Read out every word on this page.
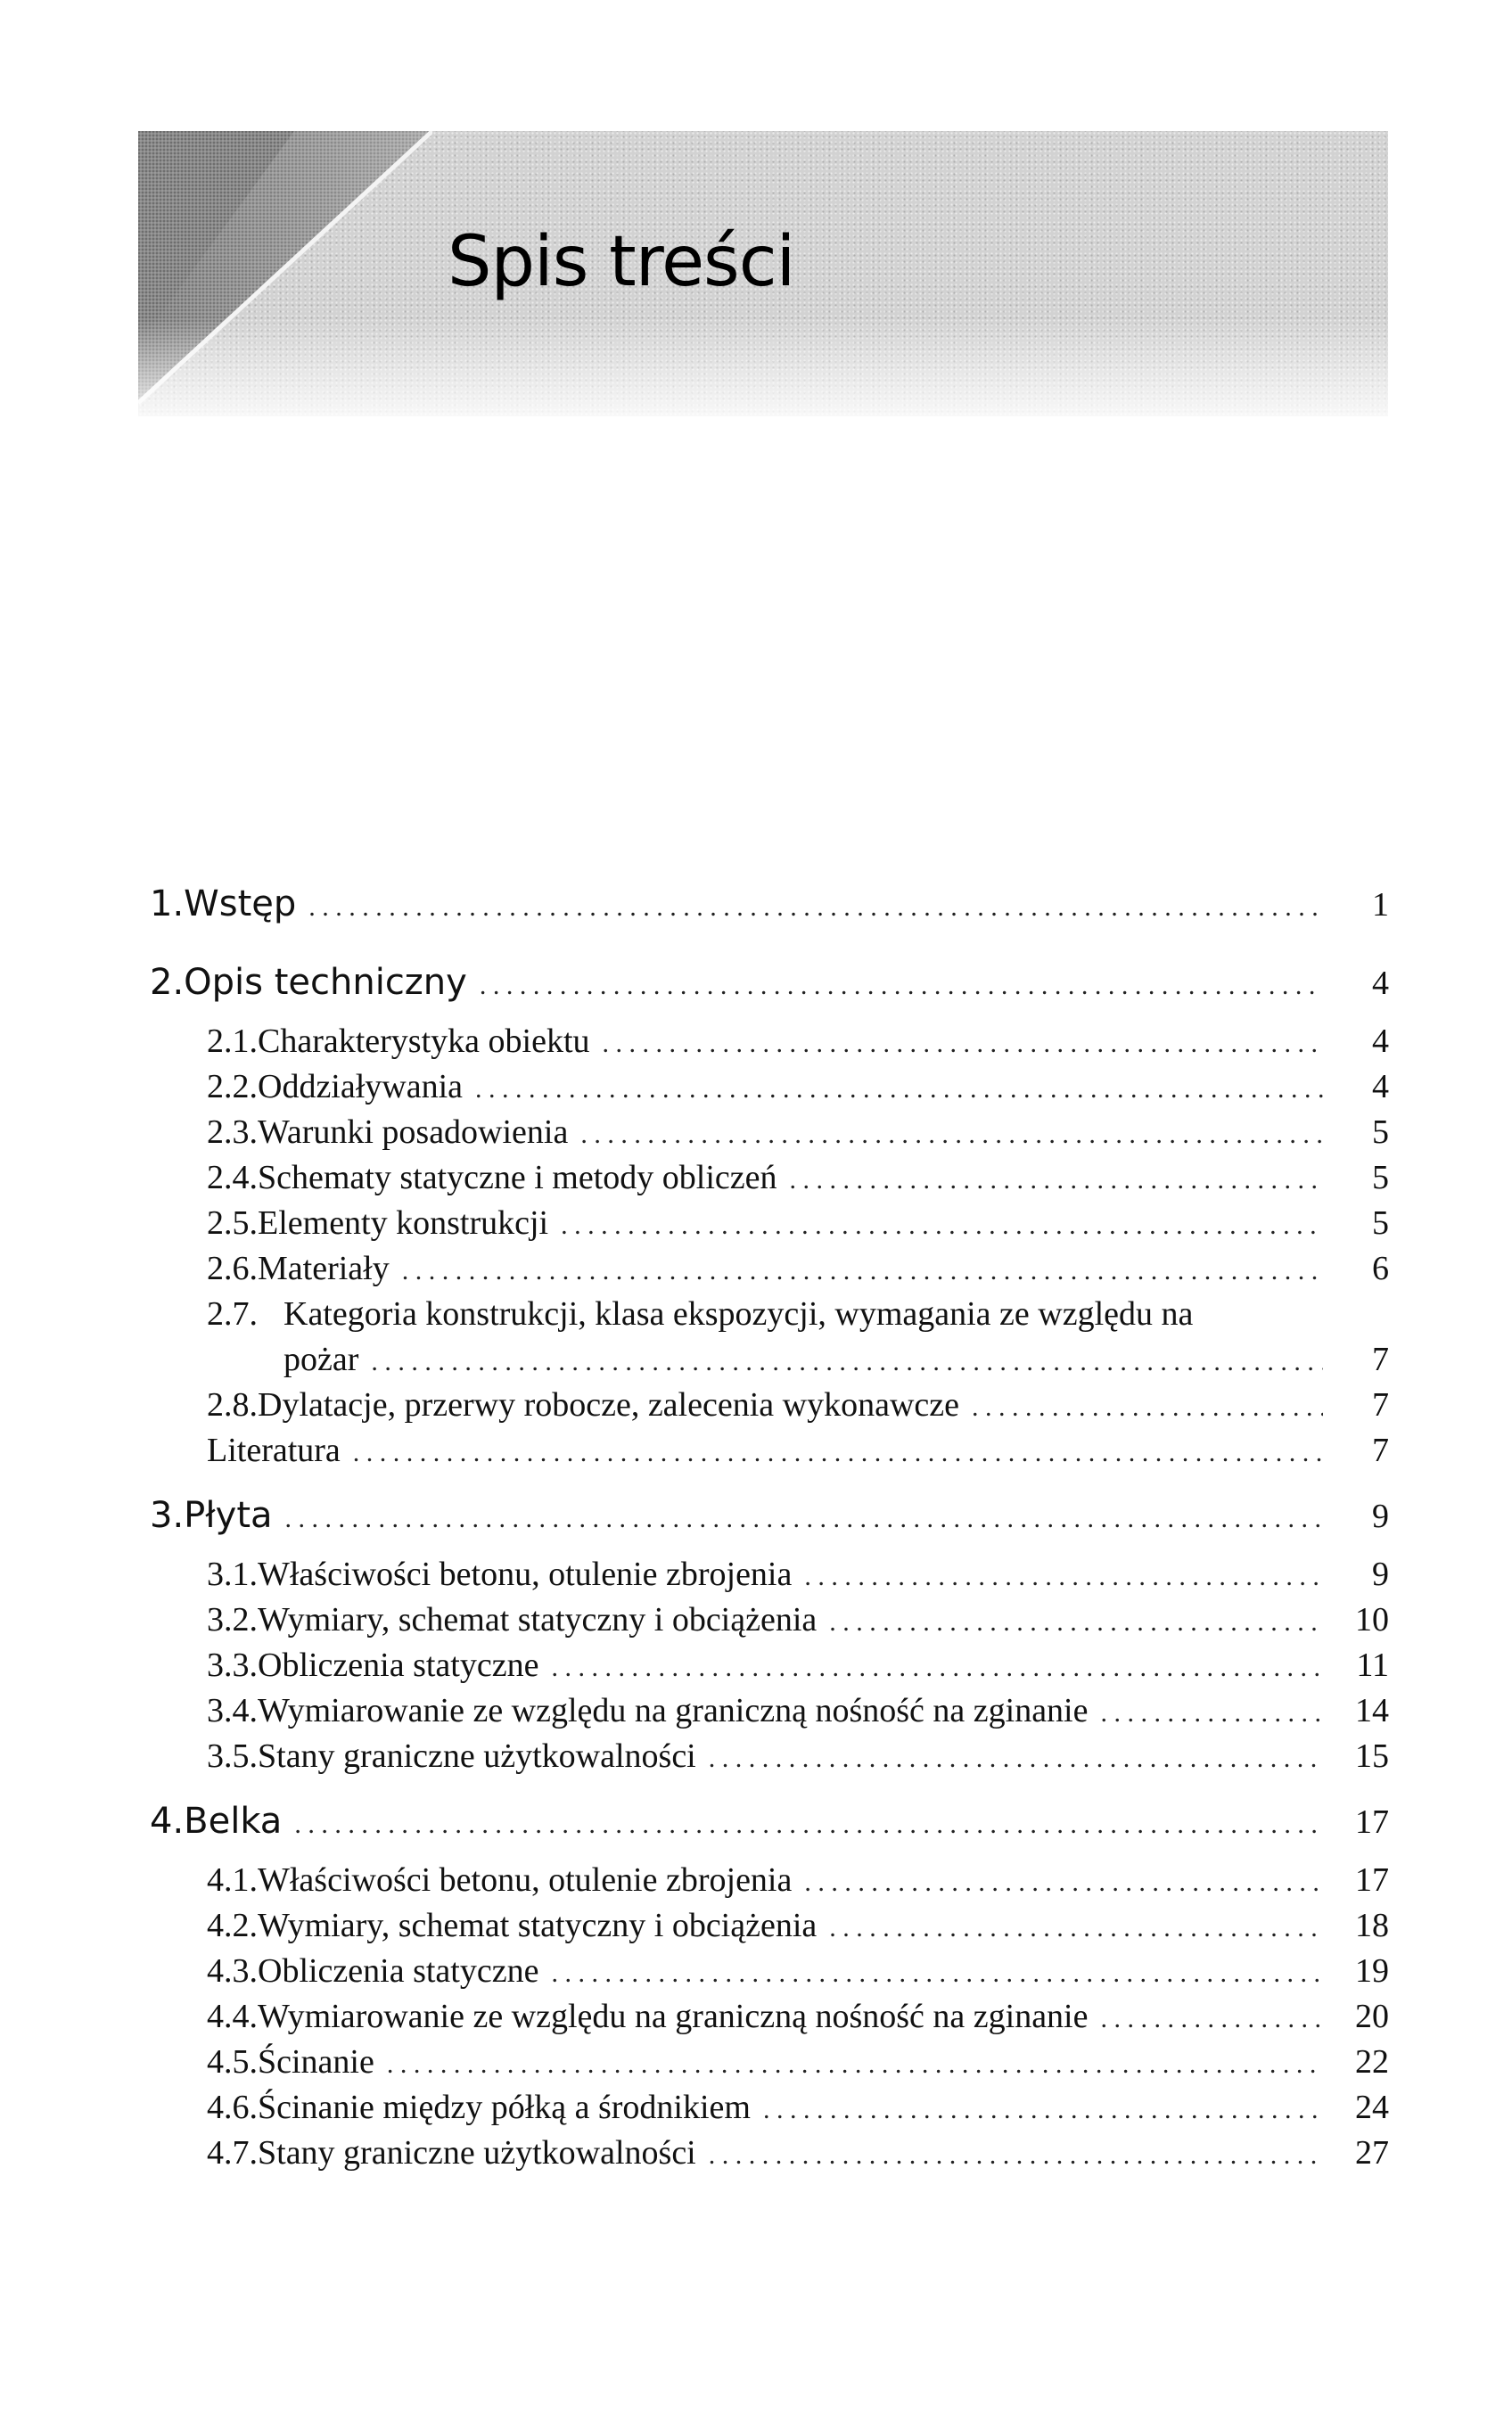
Spis treści
1. Wstęp . . .	1
2. Opis techniczny . . .	4
2.1. Charakterystyka obiektu . . .	4
2.2. Oddziaływania . . .	4
2.3. Warunki posadowienia . . .	5
2.4. Schematy statyczne i metody obliczeń . . .	5
2.5. Elementy konstrukcji . . .	5
2.6. Materiały . . .	6
2.7. Kategoria konstrukcji, klasa ekspozycji, wymagania ze względu na
pożar . . .	7
2.8. Dylatacje, przerwy robocze, zalecenia wykonawcze . . .	7
Literatura . . .	7
3. Płyta . . .	9
3.1. Właściwości betonu, otulenie zbrojenia . . .	9
3.2. Wymiary, schemat statyczny i obciążenia . . .	10
3.3. Obliczenia statyczne . . .	11
3.4. Wymiarowanie ze względu na graniczną nośność na zginanie . . .	14
3.5. Stany graniczne użytkowalności . . .	15
4. Belka . . .	17
4.1. Właściwości betonu, otulenie zbrojenia . . .	17
4.2. Wymiary, schemat statyczny i obciążenia . . .	18
4.3. Obliczenia statyczne . . .	19
4.4. Wymiarowanie ze względu na graniczną nośność na zginanie . . .	20
4.5. Ścinanie . . .	22
4.6. Ścinanie między półką a środnikiem . . .	24
4.7. Stany graniczne użytkowalności . . .	27
